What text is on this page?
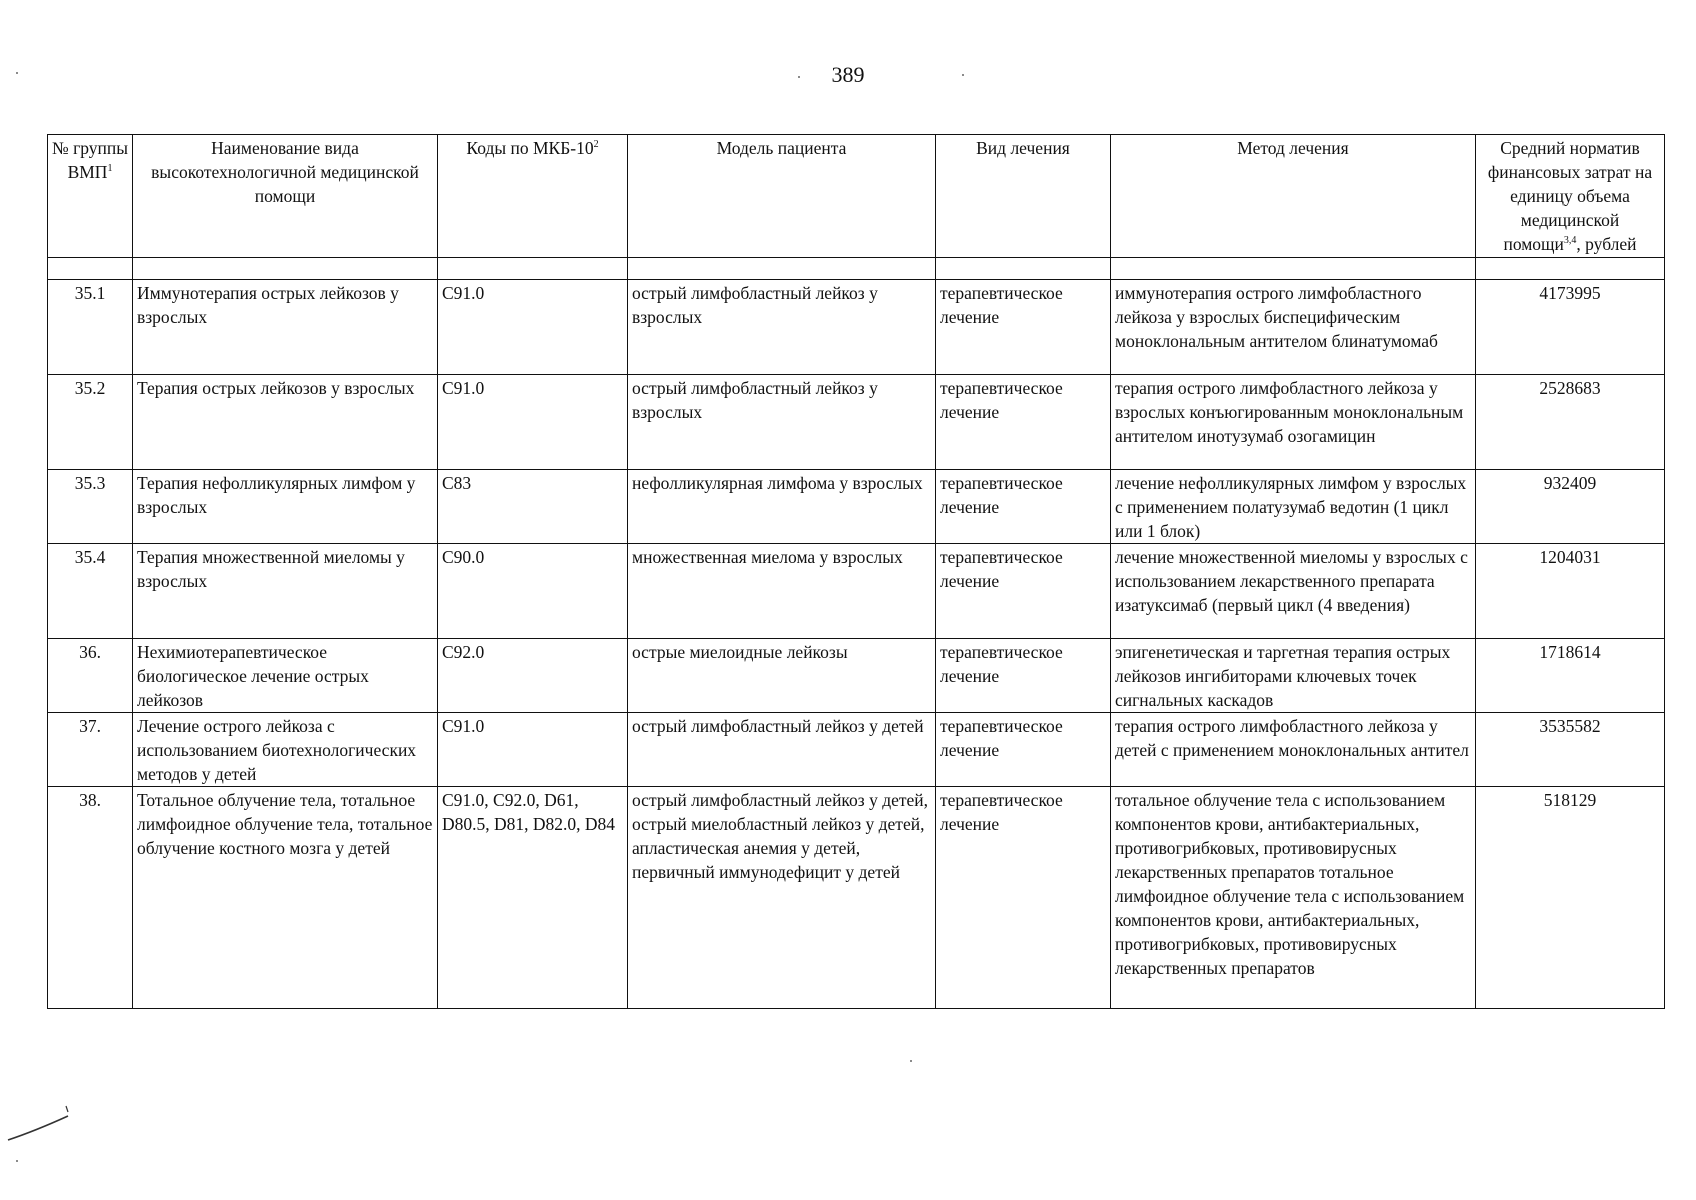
389
№ группы ВМП$^1$	Наименование вида высокотехнологичной медицинской помощи	Коды по МКБ-$10^2$	Модель пациента	Вид лечения	Метод лечения	Средний норматив финансовых затрат на единицу объема медицинской помощи$^{3,4}$, рублей

35.1	Иммунотерапия острых лейкозов у взрослых	C91.0	острый лимфобластный лейкоз у взрослых	терапевтическое лечение	иммунотерапия острого лимфобластного лейкоза у взрослых биспецифическим моноклональным антителом блинатумомаб	4173995
35.2	Терапия острых лейкозов у взрослых	C91.0	острый лимфобластный лейкоз у взрослых	терапевтическое лечение	терапия острого лимфобластного лейкоза у взрослых конъюгированным моноклональным антителом инотузумаб озогамицин	2528683
35.3	Терапия нефолликулярных лимфом у взрослых	C83	нефолликулярная лимфома у взрослых	терапевтическое лечение	лечение нефолликулярных лимфом у взрослых с применением полатузумаб ведотин (1 цикл или 1 блок)	932409
35.4	Терапия множественной миеломы у взрослых	C90.0	множественная миелома у взрослых	терапевтическое лечение	лечение множественной миеломы у взрослых с использованием лекарственного препарата изатуксимаб (первый цикл (4 введения)	1204031
36.	Нехимиотерапевтическое биологическое лечение острых лейкозов	C92.0	острые миелоидные лейкозы	терапевтическое лечение	эпигенетическая и таргетная терапия острых лейкозов ингибиторами ключевых точек сигнальных каскадов	1718614
37.	Лечение острого лейкоза с использованием биотехнологических методов у детей	C91.0	острый лимфобластный лейкоз у детей	терапевтическое лечение	терапия острого лимфобластного лейкоза у детей с применением моноклональных антител	3535582
38.	Тотальное облучение тела, тотальное лимфоидное облучение тела, тотальное облучение костного мозга у детей	C91.0, C92.0, D61, D80.5, D81, D82.0, D84	острый лимфобластный лейкоз у детей, острый миелобластный лейкоз у детей, апластическая анемия у детей, первичный иммунодефицит у детей	терапевтическое лечение	тотальное облучение тела с использованием компонентов крови, антибактериальных, противогрибковых, противовирусных лекарственных препаратов тотальное лимфоидное облучение тела с использованием компонентов крови, антибактериальных, противогрибковых, противовирусных лекарственных препаратов	518129
